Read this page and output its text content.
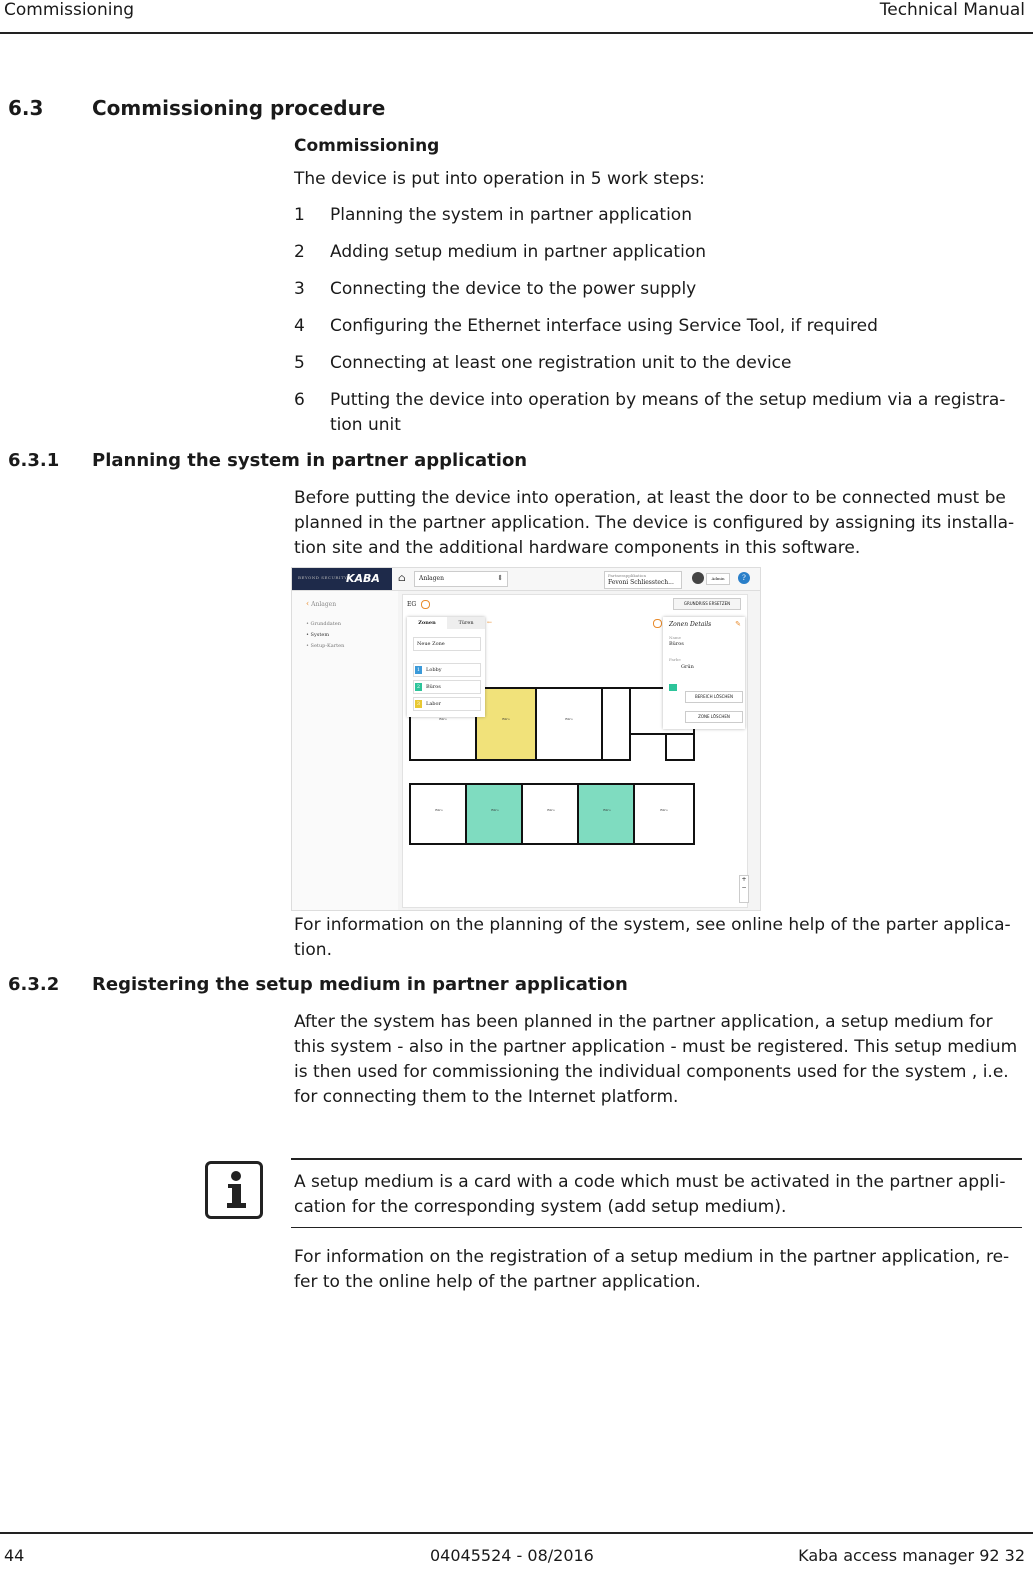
Commissioning	Technical Manual
6.3 Commissioning procedure
Commissioning
The device is put into operation in 5 work steps:
1 Planning the system in partner application
2 Adding setup medium in partner application
3 Connecting the device to the power supply
4 Configuring the Ethernet interface using Service Tool, if required
5 Connecting at least one registration unit to the device
6 Putting the device into operation by means of the setup medium via a registra-tion unit
6.3.1 Planning the system in partner application
Before putting the device into operation, at least the door to be connected must be planned in the partner application. The device is configured by assigning its installa-tion site and the additional hardware components in this software.
BEYOND SECURITY
KABA ⌂ Anlagen	⇕	Partnerapplikation
Fevoni Schliesstech...
Admin	?
‹ Anlagen
• Grunddaten
• System
• Setup-Karten
EG	GRUNDRISS ERSETZEN
Büro	Büro	Büro
Büro	Büro	Büro	Büro	Büro
Zonen	Türen
Neue Zone
1	Lobby
2	Büros
3	Labor
←	Zonen Details	✎
Name
Büros
Farbe
Grün
BEREICH LÖSCHEN
ZONE LÖSCHEN
+
−
For information on the planning of the system, see online help of the parter applica-tion.
6.3.2 Registering the setup medium in partner application
After the system has been planned in the partner application, a setup medium for this system - also in the partner application - must be registered. This setup medium is then used for commissioning the individual components used for the system , i.e. for connecting them to the Internet platform.
A setup medium is a card with a code which must be activated in the partner appli-cation for the corresponding system (add setup medium).
For information on the registration of a setup medium in the partner application, re-fer to the online help of the partner application.
44	04045524 - 08/2016	Kaba access manager 92 32
